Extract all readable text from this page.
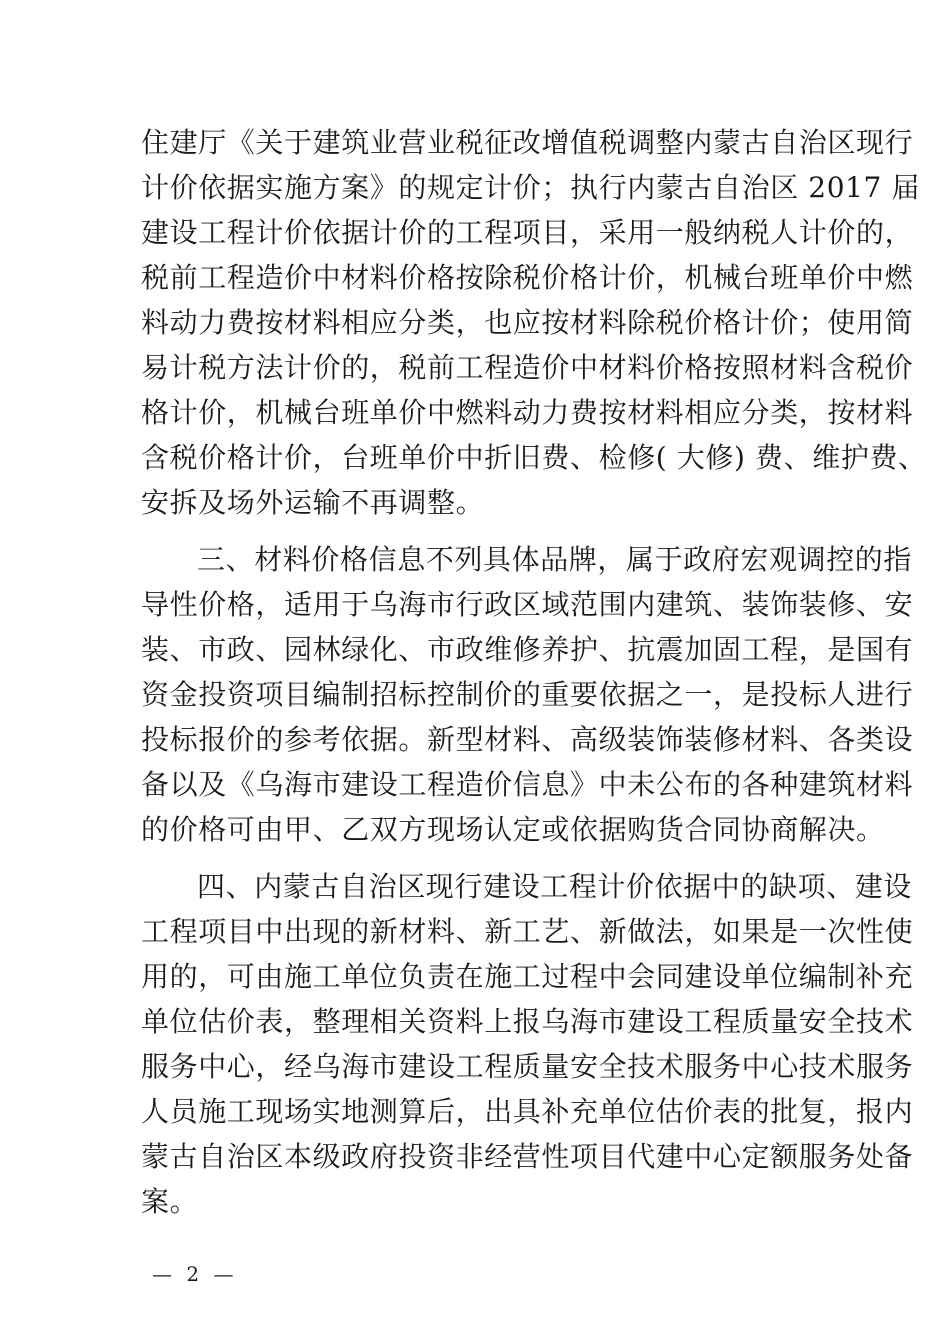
住建厅《关于建筑业营业税征改增值税调整内蒙古自治区现行
计价依据实施方案》的规定计价；执行内蒙古自治区 2017 届
建设工程计价依据计价的工程项目，采用一般纳税人计价的，
税前工程造价中材料价格按除税价格计价，机械台班单价中燃
料动力费按材料相应分类，也应按材料除税价格计价；使用简
易计税方法计价的，税前工程造价中材料价格按照材料含税价
格计价，机械台班单价中燃料动力费按材料相应分类，按材料
含税价格计价，台班单价中折旧费、检修( 大修) 费、维护费、
安拆及场外运输不再调整。
三、材料价格信息不列具体品牌，属于政府宏观调控的指
导性价格，适用于乌海市行政区域范围内建筑、装饰装修、安
装、市政、园林绿化、市政维修养护、抗震加固工程，是国有
资金投资项目编制招标控制价的重要依据之一，是投标人进行
投标报价的参考依据。新型材料、高级装饰装修材料、各类设
备以及《乌海市建设工程造价信息》中未公布的各种建筑材料
的价格可由甲、乙双方现场认定或依据购货合同协商解决。
四、内蒙古自治区现行建设工程计价依据中的缺项、建设
工程项目中出现的新材料、新工艺、新做法，如果是一次性使
用的，可由施工单位负责在施工过程中会同建设单位编制补充
单位估价表，整理相关资料上报乌海市建设工程质量安全技术
服务中心，经乌海市建设工程质量安全技术服务中心技术服务
人员施工现场实地测算后，出具补充单位估价表的批复，报内
蒙古自治区本级政府投资非经营性项目代建中心定额服务处备
案。
— 2 —
